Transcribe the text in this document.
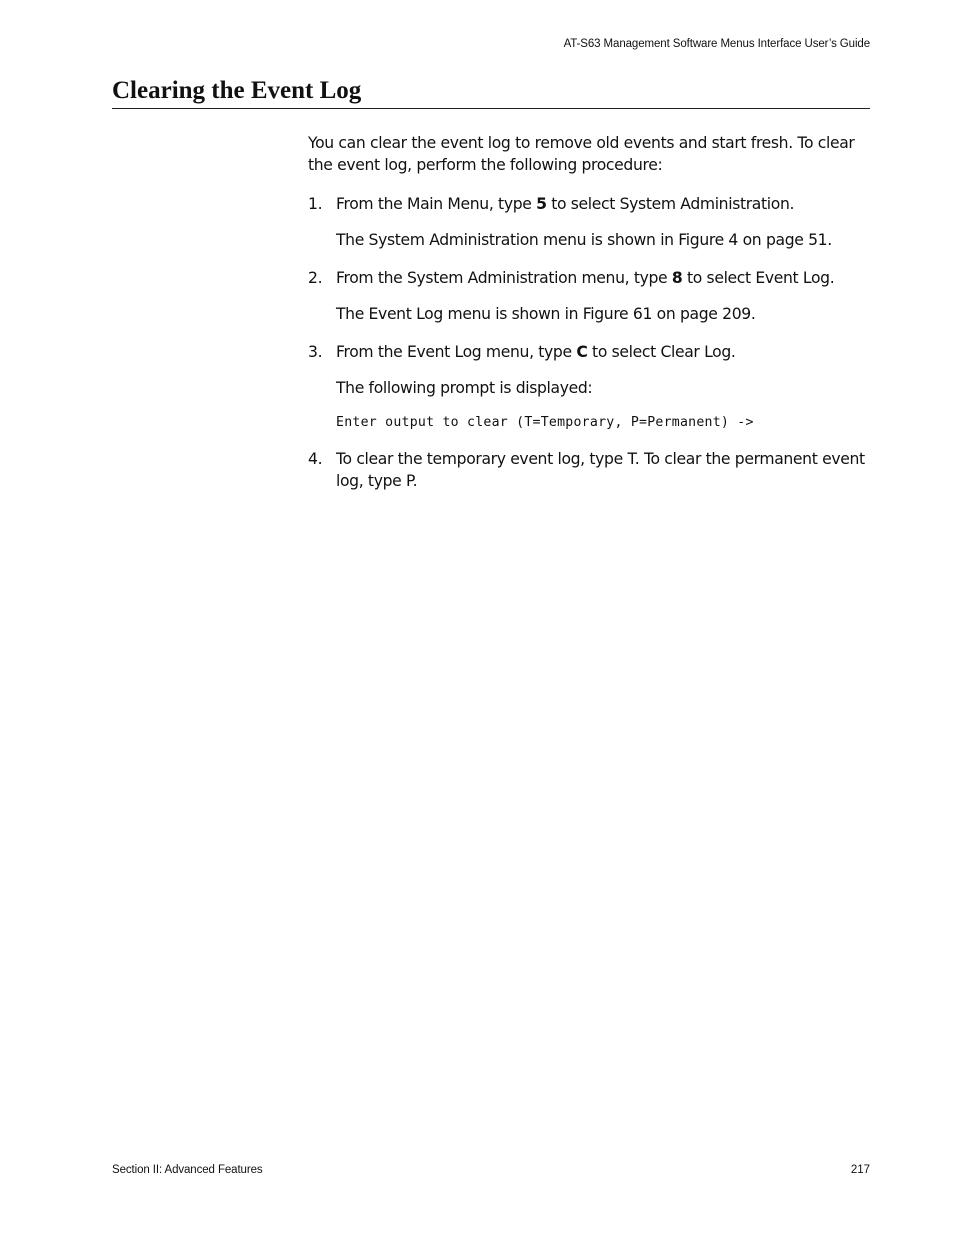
AT-S63 Management Software Menus Interface User’s Guide
Clearing the Event Log

You can clear the event log to remove old events and start fresh. To clear the event log, perform the following procedure:

1. From the Main Menu, type 5 to select System Administration.

The System Administration menu is shown in Figure 4 on page 51.

2. From the System Administration menu, type 8 to select Event Log.

The Event Log menu is shown in Figure 61 on page 209.

3. From the Event Log menu, type C to select Clear Log.

The following prompt is displayed:

Enter output to clear (T=Temporary, P=Permanent) ->

4. To clear the temporary event log, type T. To clear the permanent event log, type P.

Section II: Advanced Features	217
